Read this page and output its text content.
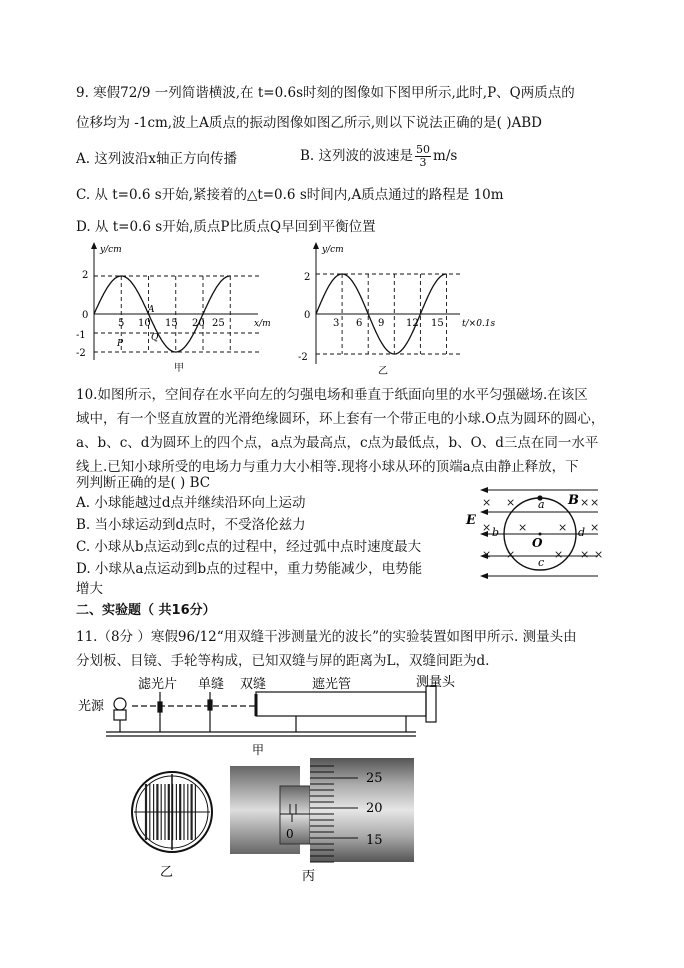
9. 寒假72/9 一列简谐横波,在 t=0.6s时刻的图像如下图甲所示,此时,P、Q两质点的
位移均为 -1cm,波上A质点的振动图像如图乙所示,则以下说法正确的是( )ABD
A. 这列波沿x轴正方向传播	B. 这列波的波速是 $\frac{50}{3} m/s$
C. 从 t=0.6 s开始,紧接着的△t=0.6 s时间内,A质点通过的路程是 10m
D. 从 t=0.6 s开始,质点P比质点Q早回到平衡位置
y/cm
x/m
2
0
-1
-2
5 10 15 20 25
A
P
Q
甲
y/cm
t/×0.1s
2
0
-2
3 6 9 12 15
乙
10.如图所示，空间存在水平向左的匀强电场和垂直于纸面向里的水平匀强磁场.在该区
域中，有一个竖直放置的光滑绝缘圆环，环上套有一个带正电的小球.O点为圆环的圆心，
a、b、c、d为圆环上的四个点，a点为最高点，c点为最低点，b、O、d三点在同一水平
线上.已知小球所受的电场力与重力大小相等.现将小球从环的顶端a点由静止释放，下
列判断正确的是( ) BC
A. 小球能越过d点并继续沿环向上运动
B. 当小球运动到d点时，不受洛伦兹力
C. 小球从b点运动到c点的过程中，经过弧中点时速度最大
D. 小球从a点运动到b点的过程中，重力势能减少，电势能
增大
× ×	×
× ×	× ×
× ×	× ×
×
×
E
B
a
b
c
d
O
二、实验题（ 共16分）
11.（8分 ）寒假96/12“用双缝干涉测量光的波长”的实验装置如图甲所示. 测量头由
分划板、目镜、手轮等构成，已知双缝与屏的距离为L，双缝间距为d.
光源
滤光片 单缝 双缝	遮光管	测量头
甲
乙
0
25
20
15
丙
